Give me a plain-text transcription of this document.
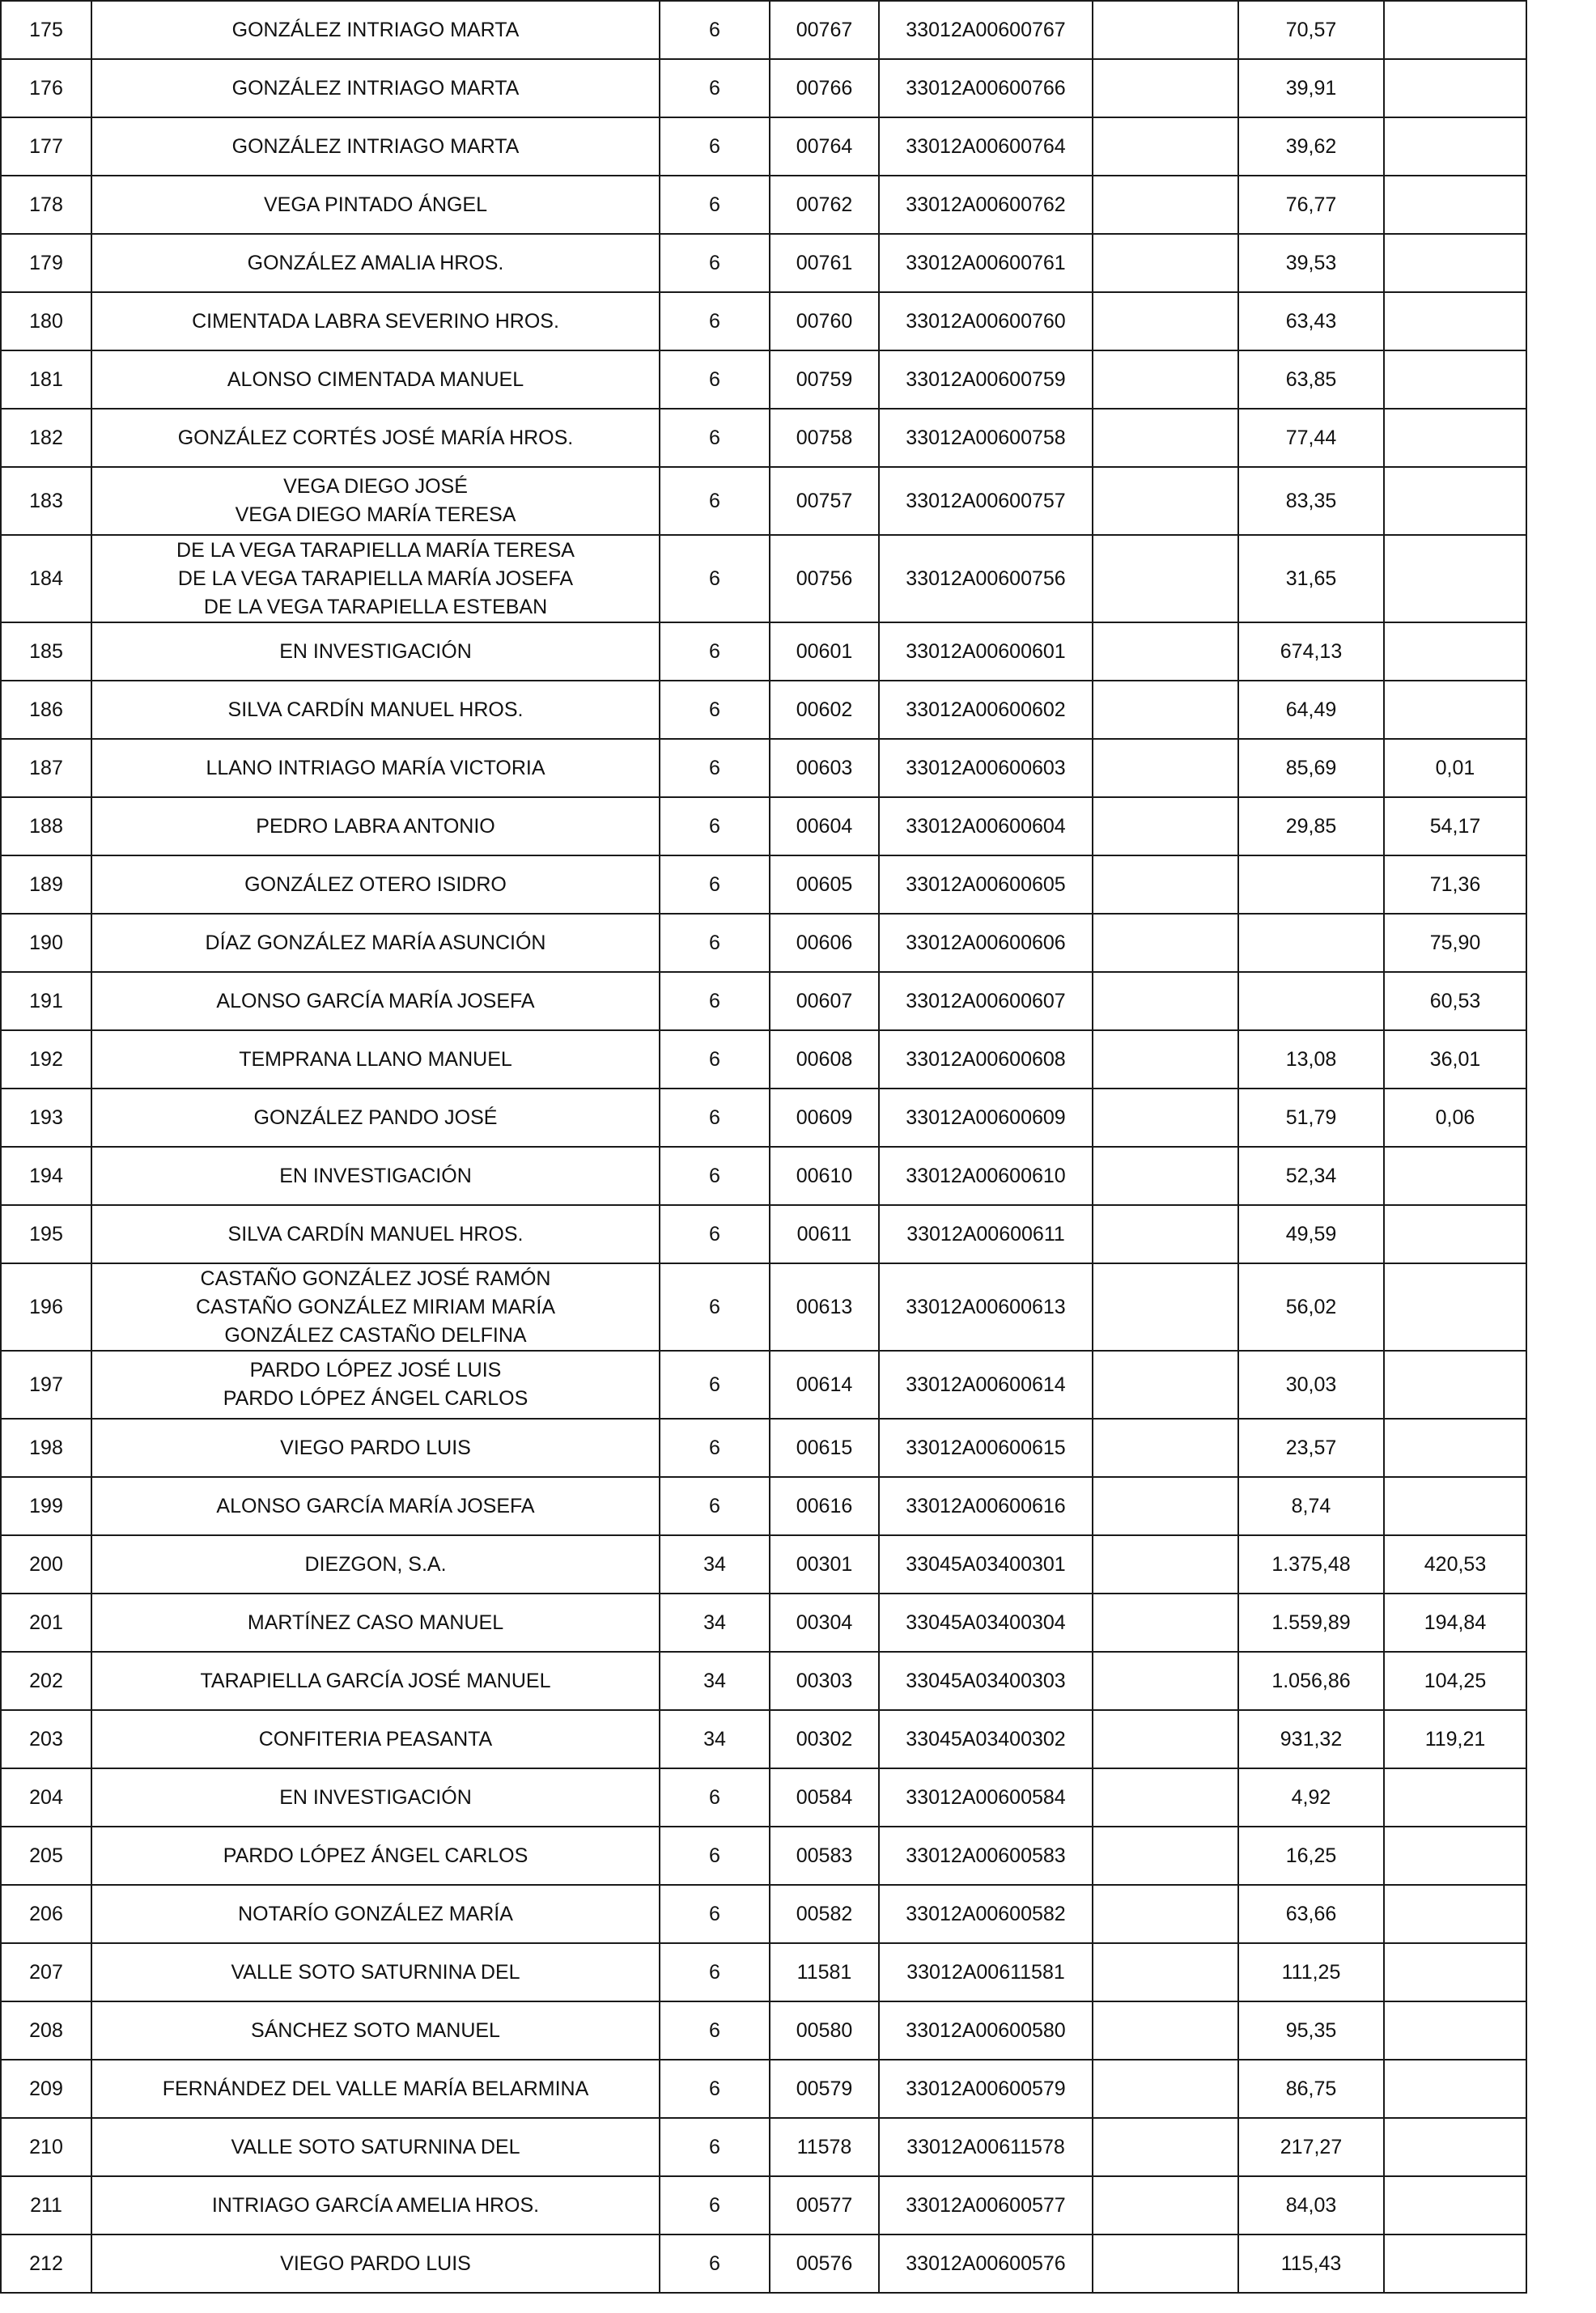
175	GONZÁLEZ INTRIAGO MARTA	6	00767	33012A00600767		70,57	
176	GONZÁLEZ INTRIAGO MARTA	6	00766	33012A00600766		39,91	
177	GONZÁLEZ INTRIAGO MARTA	6	00764	33012A00600764		39,62	
178	VEGA PINTADO ÁNGEL	6	00762	33012A00600762		76,77	
179	GONZÁLEZ AMALIA HROS.	6	00761	33012A00600761		39,53	
180	CIMENTADA LABRA SEVERINO HROS.	6	00760	33012A00600760		63,43	
181	ALONSO CIMENTADA MANUEL	6	00759	33012A00600759		63,85	
182	GONZÁLEZ CORTÉS JOSÉ MARÍA HROS.	6	00758	33012A00600758		77,44	
183	VEGA DIEGO JOSÉ
VEGA DIEGO MARÍA TERESA	6	00757	33012A00600757		83,35	
184	DE LA VEGA TARAPIELLA MARÍA TERESA
DE LA VEGA TARAPIELLA MARÍA JOSEFA
DE LA VEGA TARAPIELLA ESTEBAN	6	00756	33012A00600756		31,65	
185	EN INVESTIGACIÓN	6	00601	33012A00600601		674,13	
186	SILVA CARDÍN MANUEL HROS.	6	00602	33012A00600602		64,49	
187	LLANO INTRIAGO MARÍA VICTORIA	6	00603	33012A00600603		85,69	0,01
188	PEDRO LABRA ANTONIO	6	00604	33012A00600604		29,85	54,17
189	GONZÁLEZ OTERO ISIDRO	6	00605	33012A00600605			71,36
190	DÍAZ GONZÁLEZ MARÍA ASUNCIÓN	6	00606	33012A00600606			75,90
191	ALONSO GARCÍA MARÍA JOSEFA	6	00607	33012A00600607			60,53
192	TEMPRANA LLANO MANUEL	6	00608	33012A00600608		13,08	36,01
193	GONZÁLEZ PANDO JOSÉ	6	00609	33012A00600609		51,79	0,06
194	EN INVESTIGACIÓN	6	00610	33012A00600610		52,34	
195	SILVA CARDÍN MANUEL HROS.	6	00611	33012A00600611		49,59	
196	CASTAÑO GONZÁLEZ JOSÉ RAMÓN
CASTAÑO GONZÁLEZ MIRIAM MARÍA
GONZÁLEZ CASTAÑO DELFINA	6	00613	33012A00600613		56,02	
197	PARDO LÓPEZ JOSÉ LUIS
PARDO LÓPEZ ÁNGEL CARLOS	6	00614	33012A00600614		30,03	
198	VIEGO PARDO LUIS	6	00615	33012A00600615		23,57	
199	ALONSO GARCÍA MARÍA JOSEFA	6	00616	33012A00600616		8,74	
200	DIEZGON, S.A.	34	00301	33045A03400301		1.375,48	420,53
201	MARTÍNEZ CASO MANUEL	34	00304	33045A03400304		1.559,89	194,84
202	TARAPIELLA GARCÍA JOSÉ MANUEL	34	00303	33045A03400303		1.056,86	104,25
203	CONFITERIA PEASANTA	34	00302	33045A03400302		931,32	119,21
204	EN INVESTIGACIÓN	6	00584	33012A00600584		4,92	
205	PARDO LÓPEZ ÁNGEL CARLOS	6	00583	33012A00600583		16,25	
206	NOTARÍO GONZÁLEZ MARÍA	6	00582	33012A00600582		63,66	
207	VALLE SOTO SATURNINA DEL	6	11581	33012A00611581		111,25	
208	SÁNCHEZ SOTO MANUEL	6	00580	33012A00600580		95,35	
209	FERNÁNDEZ DEL VALLE MARÍA BELARMINA	6	00579	33012A00600579		86,75	
210	VALLE SOTO SATURNINA DEL	6	11578	33012A00611578		217,27	
211	INTRIAGO GARCÍA AMELIA HROS.	6	00577	33012A00600577		84,03	
212	VIEGO PARDO LUIS	6	00576	33012A00600576		115,43	
